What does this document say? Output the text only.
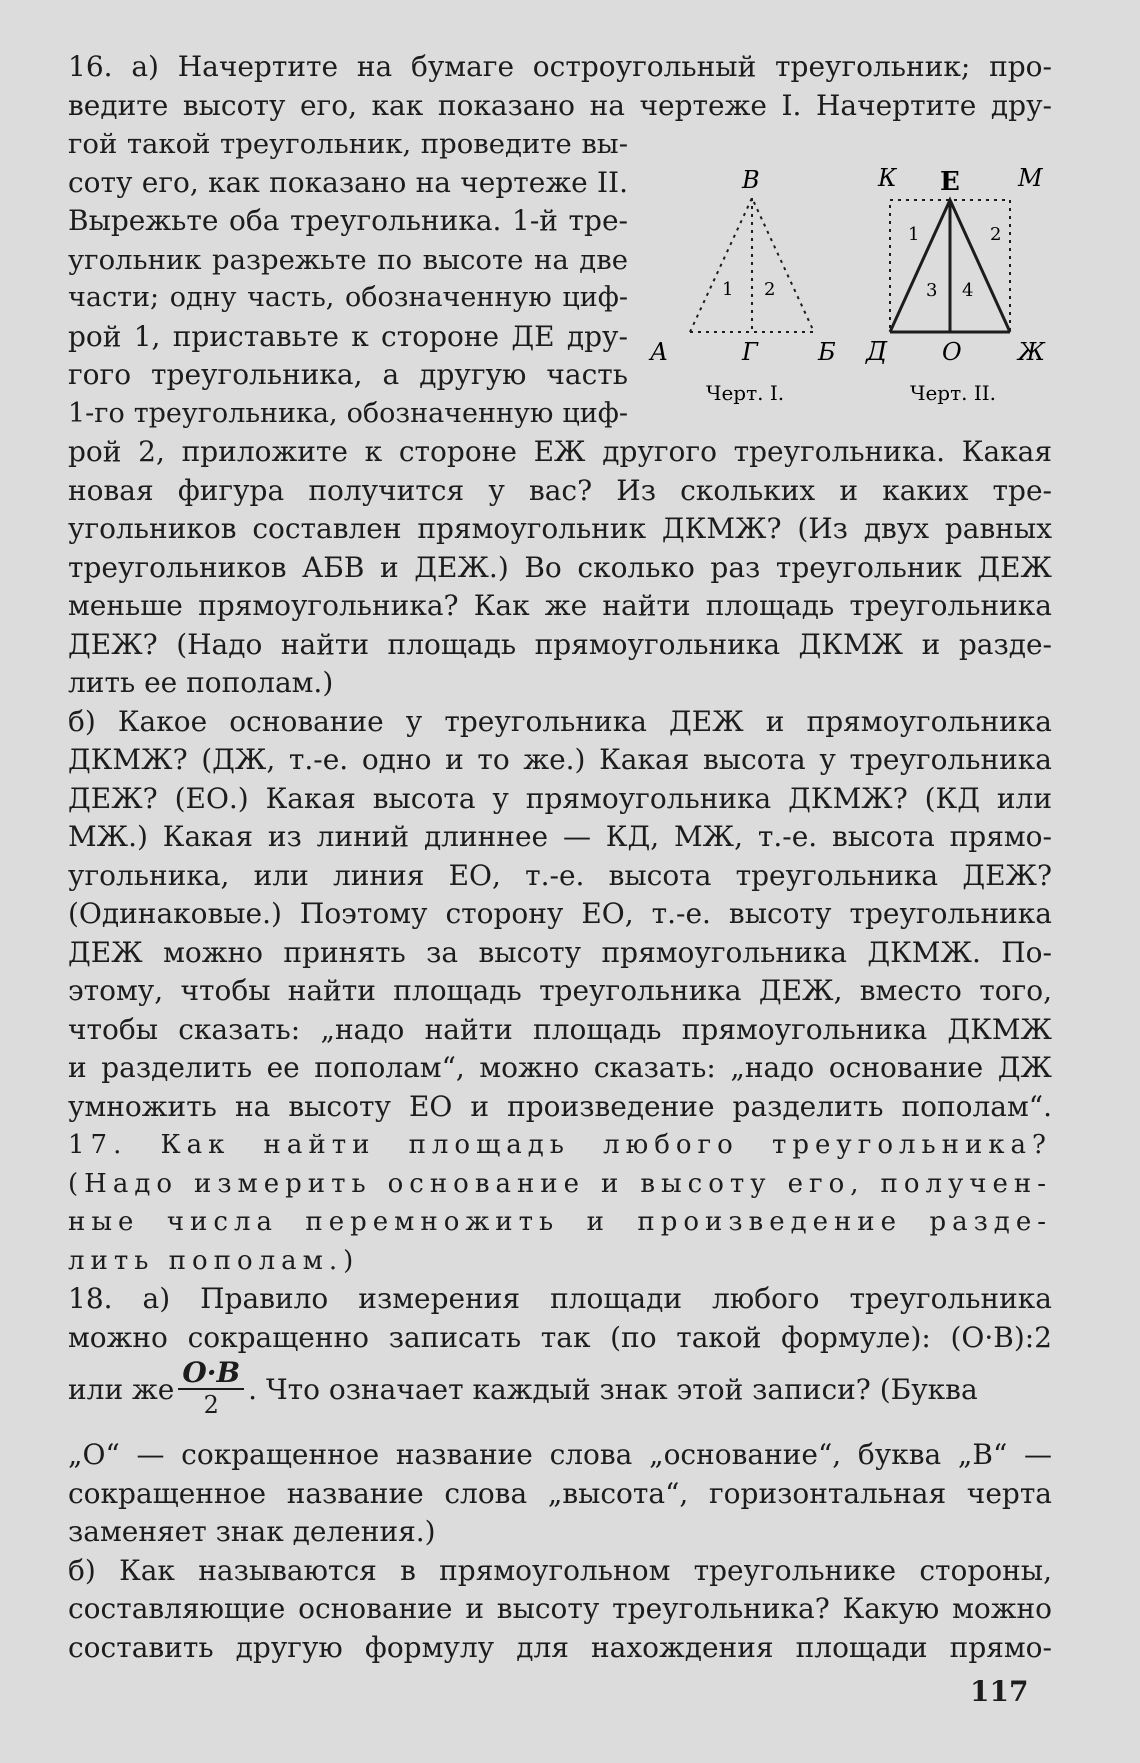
16. а) Начертите на бумаге остроугольный треугольник; про-
ведите высоту его, как показано на чертеже I. Начертите дру-
гой такой треугольник, проведите вы-
соту его, как показано на чертеже II.
Вырежьте оба треугольника. 1-й тре-
угольник разрежьте по высоте на две
части; одну часть, обозначенную циф-
рой 1, приставьте к стороне ДЕ дру-
гого треугольника, а другую часть
1-го треугольника, обозначенную циф-
В
А	Г	Б
1 2
К Е М
Д О Ж
1	2
3 4
Черт. I.	Черт. II.
рой 2, приложите к стороне ЕЖ другого треугольника. Какая
новая фигура получится у вас? Из скольких и каких тре-
угольников составлен прямоугольник ДКМЖ? (Из двух равных
треугольников АБВ и ДЕЖ.) Во сколько раз треугольник ДЕЖ
меньше прямоугольника? Как же найти площадь треугольника
ДЕЖ? (Надо найти площадь прямоугольника ДКМЖ и разде-
лить ее пополам.)
б) Какое основание у треугольника ДЕЖ и прямоугольника
ДКМЖ? (ДЖ, т.-е. одно и то же.) Какая высота у треугольника
ДЕЖ? (ЕО.) Какая высота у прямоугольника ДКМЖ? (КД или
МЖ.) Какая из линий длиннее — КД, МЖ, т.-е. высота прямо-
угольника, или линия ЕО, т.-е. высота треугольника ДЕЖ?
(Одинаковые.) Поэтому сторону ЕО, т.-е. высоту треугольника
ДЕЖ можно принять за высоту прямоугольника ДКМЖ. По-
этому, чтобы найти площадь треугольника ДЕЖ, вместо того,
чтобы сказать: „надо найти площадь прямоугольника ДКМЖ
и разделить ее пополам“, можно сказать: „надо основание ДЖ
умножить на высоту ЕО и произведение разделить пополам“.
17. Как найти площадь любого треугольника?
(Надо измерить основание и высоту его, получен-
ные числа перемножить и произведение разде-
лить пополам.)
18. а) Правило измерения площади любого треугольника
можно сокращенно записать так (по такой формуле): (О·В):2
или же $\frac{О\cdot В}{2}$ . Что означает каждый знак этой записи? (Буква
„О“ — сокращенное название слова „основание“, буква „В“ —
сокращенное название слова „высота“, горизонтальная черта
заменяет знак деления.)
б) Как называются в прямоугольном треугольнике стороны,
составляющие основание и высоту треугольника? Какую можно
составить другую формулу для нахождения площади прямо-
117
